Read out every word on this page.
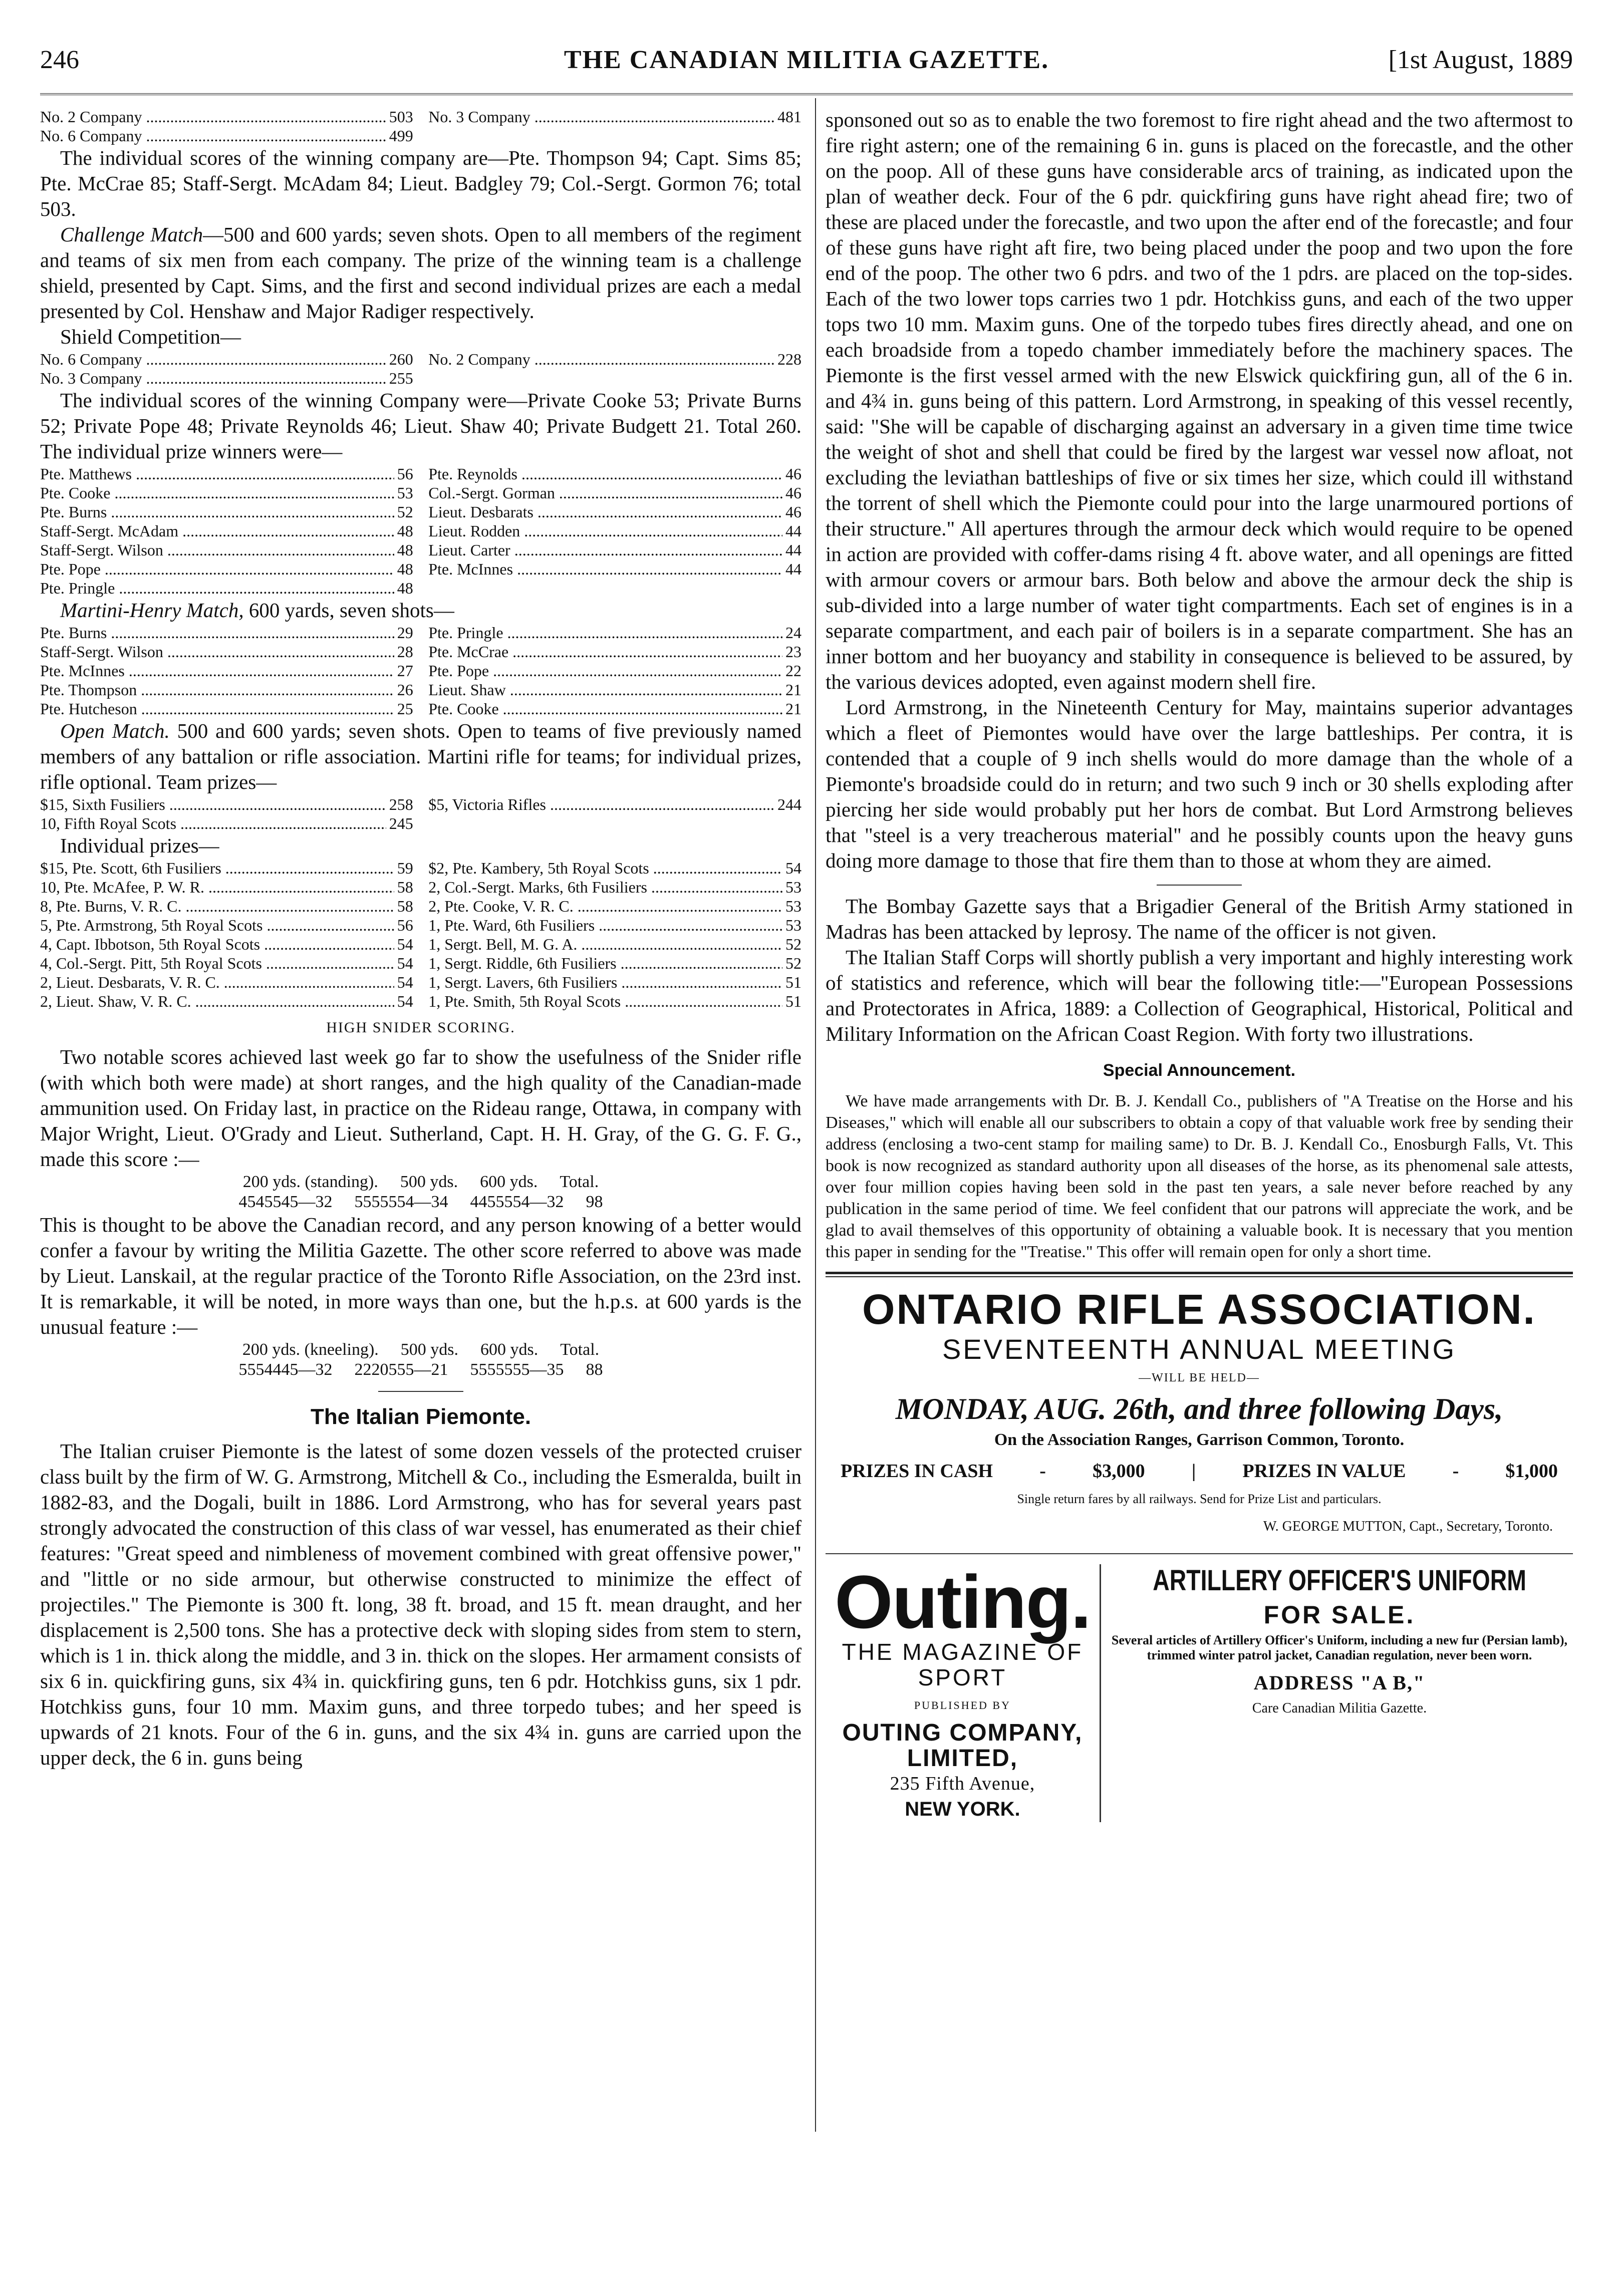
THE CANADIAN MILITIA GAZETTE.
246	[1st August, 1889
No. 2 Company .....	503 No. 3 Company .....	481
No. 6 Company .....	499

The individual scores of the winning company are—Pte. Thompson 94; Capt. Sims 85; Pte. McCrae 85; Staff-Sergt. McAdam 84; Lieut. Badgley 79; Col.-Sergt. Gormon 76; total 503.

Challenge Match—500 and 600 yards; seven shots. Open to all members of the regiment and teams of six men from each company. The prize of the winning team is a challenge shield, presented by Capt. Sims, and the first and second individual prizes are each a medal presented by Col. Henshaw and Major Radiger respectively.

Shield Competition—

No. 6 Company .....	260 No. 2 Company .....	228
No. 3 Company .....	255

The individual scores of the winning Company were—Private Cooke 53; Private Burns 52; Private Pope 48; Private Reynolds 46; Lieut. Shaw 40; Private Budgett 21. Total 260. The individual prize winners were—

Pte. Matthews .....	56 Pte. Reynolds .....	46
Pte. Cooke .....	53 Col.-Sergt. Gorman .....	46
Pte. Burns .....	52 Lieut. Desbarats .....	46
Staff-Sergt. McAdam .....	48 Lieut. Rodden .....	44
Staff-Sergt. Wilson .....	48 Lieut. Carter .....	44
Pte. Pope .....	48 Pte. McInnes .....	44
Pte. Pringle .....	48

Martini-Henry Match, 600 yards, seven shots—

Pte. Burns .....	29 Pte. Pringle .....	24
Staff-Sergt. Wilson .....	28 Pte. McCrae .....	23
Pte. McInnes .....	27 Pte. Pope .....	22
Pte. Thompson .....	26 Lieut. Shaw .....	21
Pte. Hutcheson .....	25 Pte. Cooke .....	21

Open Match. 500 and 600 yards; seven shots. Open to teams of five previously named members of any battalion or rifle association. Martini rifle for teams; for individual prizes, rifle optional. Team prizes—

$15, Sixth Fusiliers .....	258 $5, Victoria Rifles .....	244
10, Fifth Royal Scots .....	245

Individual prizes—

$15, Pte. Scott, 6th Fusiliers .....	59 $2, Pte. Kambery, 5th Royal Scots .....	54
10, Pte. McAfee, P. W. R. .....	58 2, Col.-Sergt. Marks, 6th Fusiliers .....	53
8, Pte. Burns, V. R. C. .....	58 2, Pte. Cooke, V. R. C. .....	53
5, Pte. Armstrong, 5th Royal Scots .....	56 1, Pte. Ward, 6th Fusiliers .....	53
4, Capt. Ibbotson, 5th Royal Scots .....	54 1, Sergt. Bell, M. G. A. .....	52
4, Col.-Sergt. Pitt, 5th Royal Scots .....	54 1, Sergt. Riddle, 6th Fusiliers .....	52
2, Lieut. Desbarats, V. R. C. .....	54 1, Sergt. Lavers, 6th Fusiliers .....	51
2, Lieut. Shaw, V. R. C. .....	54 1, Pte. Smith, 5th Royal Scots .....	51
HIGH SNIDER SCORING.

Two notable scores achieved last week go far to show the usefulness of the Snider rifle (with which both were made) at short ranges, and the high quality of the Canadian-made ammunition used. On Friday last, in practice on the Rideau range, Ottawa, in company with Major Wright, Lieut. O'Grady and Lieut. Sutherland, Capt. H. H. Gray, of the G. G. F. G., made this score :—

200 yds. (standing). 500 yds. 600 yds. Total.
4545545—32 5555554—34 4455554—32 98

This is thought to be above the Canadian record, and any person knowing of a better would confer a favour by writing the Militia Gazette. The other score referred to above was made by Lieut. Lanskail, at the regular practice of the Toronto Rifle Association, on the 23rd inst. It is remarkable, it will be noted, in more ways than one, but the h.p.s. at 600 yards is the unusual feature :—

200 yds. (kneeling). 500 yds. 600 yds. Total.
5554445—32 2220555—21 5555555—35 88
The Italian Piemonte.

The Italian cruiser Piemonte is the latest of some dozen vessels of the protected cruiser class built by the firm of W. G. Armstrong, Mitchell & Co., including the Esmeralda, built in 1882-83, and the Dogali, built in 1886. Lord Armstrong, who has for several years past strongly advocated the construction of this class of war vessel, has enumerated as their chief features: "Great speed and nimbleness of movement combined with great offensive power," and "little or no side armour, but otherwise constructed to minimize the effect of projectiles." The Piemonte is 300 ft. long, 38 ft. broad, and 15 ft. mean draught, and her displacement is 2,500 tons. She has a protective deck with sloping sides from stem to stern, which is 1 in. thick along the middle, and 3 in. thick on the slopes. Her armament consists of six 6 in. quickfiring guns, six 4¾ in. quickfiring guns, ten 6 pdr. Hotchkiss guns, six 1 pdr. Hotchkiss guns, four 10 mm. Maxim guns, and three torpedo tubes; and her speed is upwards of 21 knots. Four of the 6 in. guns, and the six 4¾ in. guns are carried upon the upper deck, the 6 in. guns being

sponsoned out so as to enable the two foremost to fire right ahead and the two aftermost to fire right astern; one of the remaining 6 in. guns is placed on the forecastle, and the other on the poop. All of these guns have considerable arcs of training, as indicated upon the plan of weather deck. Four of the 6 pdr. quickfiring guns have right ahead fire; two of these are placed under the forecastle, and two upon the after end of the forecastle; and four of these guns have right aft fire, two being placed under the poop and two upon the fore end of the poop. The other two 6 pdrs. and two of the 1 pdrs. are placed on the top-sides. Each of the two lower tops carries two 1 pdr. Hotchkiss guns, and each of the two upper tops two 10 mm. Maxim guns. One of the torpedo tubes fires directly ahead, and one on each broadside from a topedo chamber immediately before the machinery spaces. The Piemonte is the first vessel armed with the new Elswick quickfiring gun, all of the 6 in. and 4¾ in. guns being of this pattern. Lord Armstrong, in speaking of this vessel recently, said: "She will be capable of discharging against an adversary in a given time time twice the weight of shot and shell that could be fired by the largest war vessel now afloat, not excluding the leviathan battleships of five or six times her size, which could ill withstand the torrent of shell which the Piemonte could pour into the large unarmoured portions of their structure." All apertures through the armour deck which would require to be opened in action are provided with coffer-dams rising 4 ft. above water, and all openings are fitted with armour covers or armour bars. Both below and above the armour deck the ship is sub-divided into a large number of water tight compartments. Each set of engines is in a separate compartment, and each pair of boilers is in a separate compartment. She has an inner bottom and her buoyancy and stability in consequence is believed to be assured, by the various devices adopted, even against modern shell fire.

Lord Armstrong, in the Nineteenth Century for May, maintains superior advantages which a fleet of Piemontes would have over the large battleships. Per contra, it is contended that a couple of 9 inch shells would do more damage than the whole of a Piemonte's broadside could do in return; and two such 9 inch or 30 shells exploding after piercing her side would probably put her hors de combat. But Lord Armstrong believes that "steel is a very treacherous material" and he possibly counts upon the heavy guns doing more damage to those that fire them than to those at whom they are aimed.

The Bombay Gazette says that a Brigadier General of the British Army stationed in Madras has been attacked by leprosy. The name of the officer is not given.

The Italian Staff Corps will shortly publish a very important and highly interesting work of statistics and reference, which will bear the following title:—"European Possessions and Protectorates in Africa, 1889: a Collection of Geographical, Historical, Political and Military Information on the African Coast Region. With forty two illustrations.

Special Announcement.

We have made arrangements with Dr. B. J. Kendall Co., publishers of "A Treatise on the Horse and his Diseases," which will enable all our subscribers to obtain a copy of that valuable work free by sending their address (enclosing a two-cent stamp for mailing same) to Dr. B. J. Kendall Co., Enosburgh Falls, Vt. This book is now recognized as standard authority upon all diseases of the horse, as its phenomenal sale attests, over four million copies having been sold in the past ten years, a sale never before reached by any publication in the same period of time. We feel confident that our patrons will appreciate the work, and be glad to avail themselves of this opportunity of obtaining a valuable book. It is necessary that you mention this paper in sending for the "Treatise." This offer will remain open for only a short time.

ONTARIO RIFLE ASSOCIATION.
SEVENTEENTH ANNUAL MEETING
—WILL BE HELD—
MONDAY, AUG. 26th, and three following Days,
On the Association Ranges, Garrison Common, Toronto.
PRIZES IN CASH - $3,000 | PRIZES IN VALUE - $1,000
Single return fares by all railways. Send for Prize List and particulars.
W. GEORGE MUTTON, Capt., Secretary, Toronto.
Outing.
THE MAGAZINE OF SPORT
PUBLISHED BY
OUTING COMPANY, LIMITED,
235 Fifth Avenue,
NEW YORK.
ARTILLERY OFFICER'S UNIFORM
FOR SALE.
Several articles of Artillery Officer's Uniform, including a new fur (Persian lamb), trimmed winter patrol jacket, Canadian regulation, never been worn.
ADDRESS "A B,"
Care Canadian Militia Gazette.
